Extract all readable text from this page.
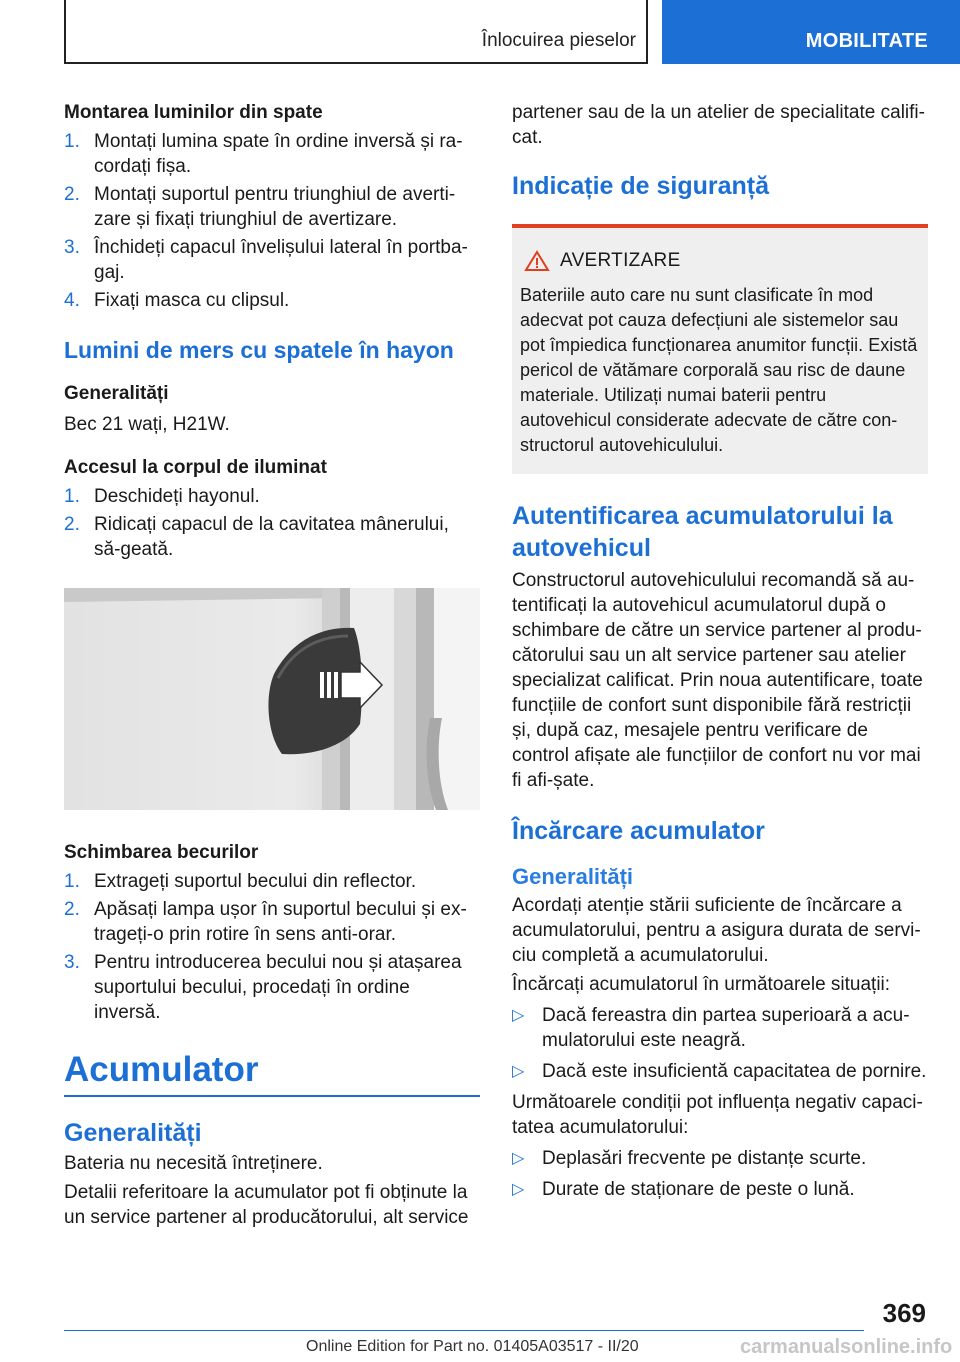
Înlocuirea pieselor	MOBILITATE

Montarea luminilor din spate

1. Montați lumina spate în ordine inversă și ra-cordați fișa.
2. Montați suportul pentru triunghiul de averti-zare și fixați triunghiul de avertizare.
3. Închideți capacul învelișului lateral în portba-gaj.
4. Fixați masca cu clipsul.

Lumini de mers cu spatele în hayon

Generalități

Bec 21 wați, H21W.

Accesul la corpul de iluminat

1. Deschideți hayonul.
2. Ridicați capacul de la cavitatea mânerului, să-geată.

Schimbarea becurilor

1. Extrageți suportul becului din reflector.
2. Apăsați lampa ușor în suportul becului și ex-trageți-o prin rotire în sens anti-orar.
3. Pentru introducerea becului nou și atașarea suportului becului, procedați în ordine inversă.

Acumulator

Generalități

Bateria nu necesită întreținere.

Detalii referitoare la acumulator pot fi obținute la un service partener al producătorului, alt service

partener sau de la un atelier de specialitate califi-cat.

Indicație de siguranță

AVERTIZARE

Bateriile auto care nu sunt clasificate în mod adecvat pot cauza defecțiuni ale sistemelor sau pot împiedica funcționarea anumitor funcții. Există pericol de vătămare corporală sau risc de daune materiale. Utilizați numai baterii pentru autovehicul considerate adecvate de către con-structorul autovehiculului.

Autentificarea acumulatorului la autovehicul

Constructorul autovehiculului recomandă să au-tentificați la autovehicul acumulatorul după o schimbare de către un service partener al produ-cătorului sau un alt service partener sau atelier specializat calificat. Prin noua autentificare, toate funcțiile de confort sunt disponibile fără restricții și, după caz, mesajele pentru verificare de control afișate ale funcțiilor de confort nu vor mai fi afi-șate.

Încărcare acumulator

Generalități

Acordați atenție stării suficiente de încărcare a acumulatorului, pentru a asigura durata de servi-ciu completă a acumulatorului.

Încărcați acumulatorul în următoarele situații:

▷ Dacă fereastra din partea superioară a acu-mulatorului este neagră.
▷ Dacă este insuficientă capacitatea de pornire.

Următoarele condiții pot influența negativ capaci-tatea acumulatorului:

▷ Deplasări frecvente pe distanțe scurte.
▷ Durate de staționare de peste o lună.
369
Online Edition for Part no. 01405A03517 - II/20	carmanualsonline.info
